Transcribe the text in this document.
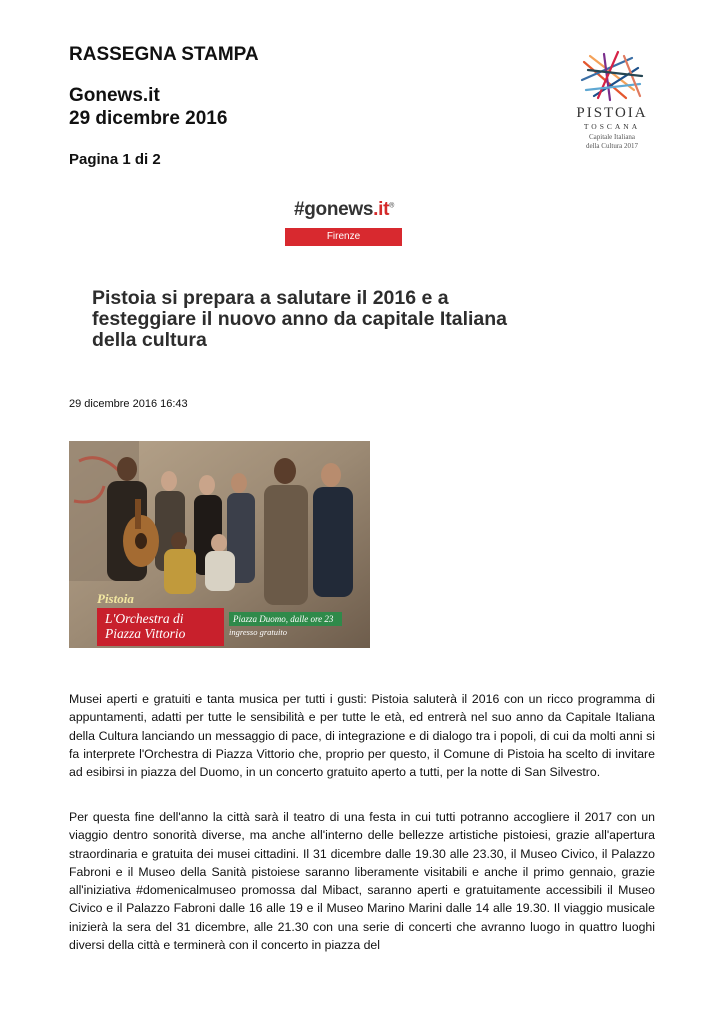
RASSEGNA STAMPA
Gonews.it
29 dicembre 2016
Pagina 1 di 2
PISTOIA
TOSCANA
Capitale Italiana
della Cultura 2017
#gonews.it®
Firenze
Pistoia si prepara a salutare il 2016 e a festeggiare il nuovo anno da capitale Italiana della cultura
29 dicembre 2016 16:43
Pistoia
L'Orchestra di
Piazza Vittorio
Piazza Duomo, dalle ore 23
ingresso gratuito

Musei aperti e gratuiti e tanta musica per tutti i gusti: Pistoia saluterà il 2016 con un ricco programma di appuntamenti, adatti per tutte le sensibilità e per tutte le età, ed entrerà nel suo anno da Capitale Italiana della Cultura lanciando un messaggio di pace, di integrazione e di dialogo tra i popoli, di cui da molti anni si fa interprete l'Orchestra di Piazza Vittorio che, proprio per questo, il Comune di Pistoia ha scelto di invitare ad esibirsi in piazza del Duomo, in un concerto gratuito aperto a tutti, per la notte di San Silvestro.

Per questa fine dell'anno la città sarà il teatro di una festa in cui tutti potranno accogliere il 2017 con un viaggio dentro sonorità diverse, ma anche all'interno delle bellezze artistiche pistoiesi, grazie all'apertura straordinaria e gratuita dei musei cittadini. Il 31 dicembre dalle 19.30 alle 23.30, il Museo Civico, il Palazzo Fabroni e il Museo della Sanità pistoiese saranno liberamente visitabili e anche il primo gennaio, grazie all'iniziativa #domenicalmuseo promossa dal Mibact, saranno aperti e gratuitamente accessibili il Museo Civico e il Palazzo Fabroni dalle 16 alle 19 e il Museo Marino Marini dalle 14 alle 19.30. Il viaggio musicale inizierà la sera del 31 dicembre, alle 21.30 con una serie di concerti che avranno luogo in quattro luoghi diversi della città e terminerà con il concerto in piazza del
